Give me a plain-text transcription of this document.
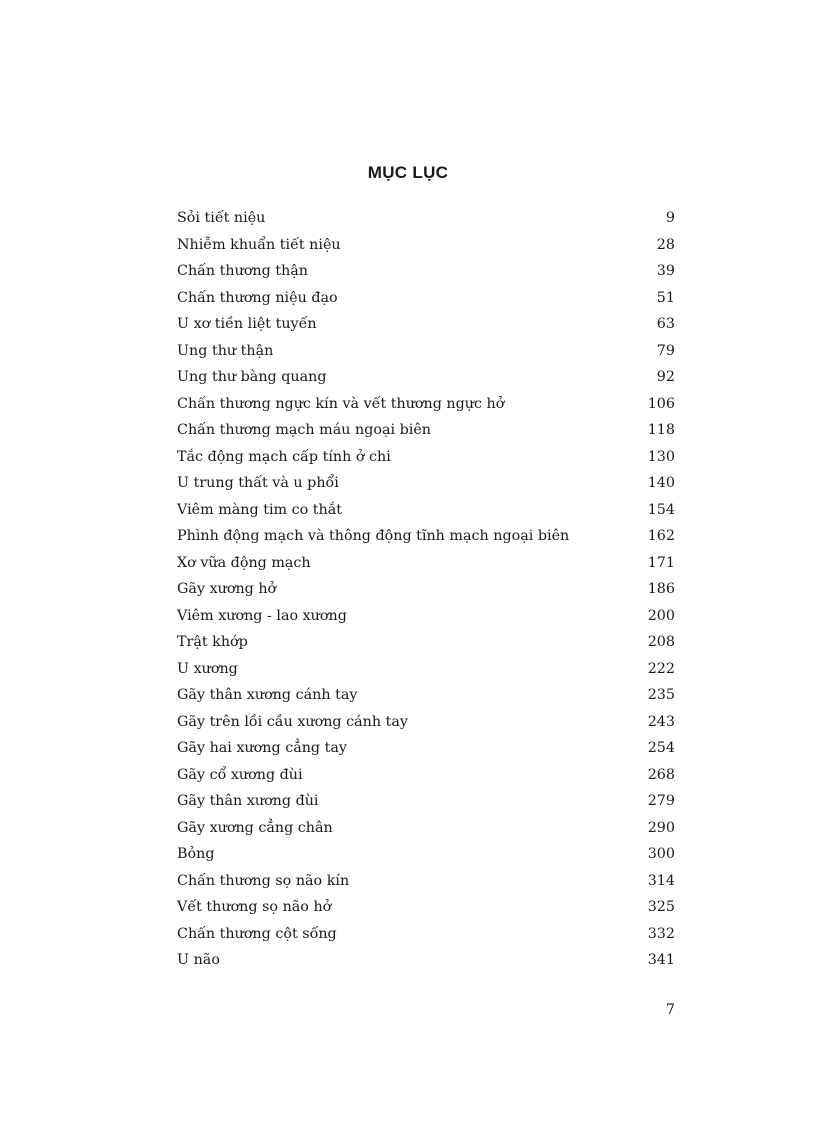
MỤC LỤC
Sỏi tiết niệu	9
Nhiễm khuẩn tiết niệu	28
Chấn thương thận	39
Chấn thương niệu đạo	51
U xơ tiền liệt tuyến	63
Ung thư thận	79
Ung thư bàng quang	92
Chấn thương ngực kín và vết thương ngực hở	106
Chấn thương mạch máu ngoại biên	118
Tắc động mạch cấp tính ở chi	130
U trung thất và u phổi	140
Viêm màng tim co thắt	154
Phình động mạch và thông động tĩnh mạch ngoại biên	162
Xơ vữa động mạch	171
Gãy xương hở	186
Viêm xương - lao xương	200
Trật khớp	208
U xương	222
Gãy thân xương cánh tay	235
Gãy trên lồi cầu xương cánh tay	243
Gãy hai xương cẳng tay	254
Gãy cổ xương đùi	268
Gãy thân xương đùi	279
Gãy xương cẳng chân	290
Bỏng	300
Chấn thương sọ não kín	314
Vết thương sọ não hở	325
Chấn thương cột sống	332
U não	341
7
